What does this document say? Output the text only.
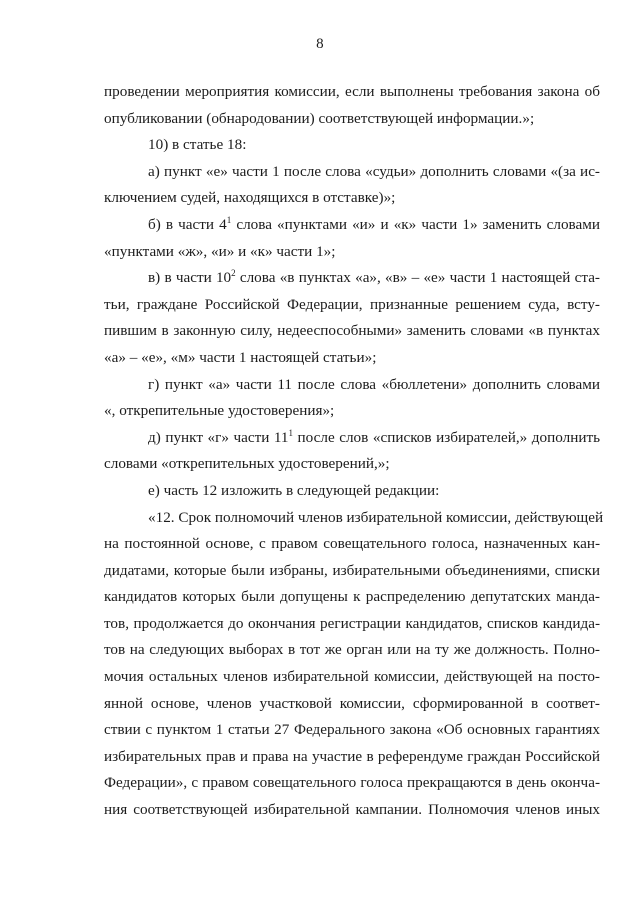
8
проведении мероприятия комиссии, если выполнены требования закона об
опубликовании (обнародовании) соответствующей информации.»;
10) в статье 18:
а) пункт «е» части 1 после слова «судьи» дополнить словами «(за ис-
ключением судей, находящихся в отставке)»;
б) в части $4^1$ слова «пунктами «и» и «к» части 1» заменить словами
«пунктами «ж», «и» и «к» части 1»;
в) в части $10^2$ слова «в пунктах «а», «в» – «е» части 1 настоящей ста-
тьи, граждане Российской Федерации, признанные решением суда, всту-
пившим в законную силу, недееспособными» заменить словами «в пунктах
«а» – «е», «м» части 1 настоящей статьи»;
г) пункт «а» части 11 после слова «бюллетени» дополнить словами
«, открепительные удостоверения»;
д) пункт «г» части $11^1$ после слов «списков избирателей,» дополнить
словами «открепительных удостоверений,»;
е) часть 12 изложить в следующей редакции:
«12. Срок полномочий членов избирательной комиссии, действующей
на постоянной основе, с правом совещательного голоса, назначенных кан-
дидатами, которые были избраны, избирательными объединениями, списки
кандидатов которых были допущены к распределению депутатских манда-
тов, продолжается до окончания регистрации кандидатов, списков кандида-
тов на следующих выборах в тот же орган или на ту же должность. Полно-
мочия остальных членов избирательной комиссии, действующей на посто-
янной основе, членов участковой комиссии, сформированной в соответ-
ствии с пунктом 1 статьи 27 Федерального закона «Об основных гарантиях
избирательных прав и права на участие в референдуме граждан Российской
Федерации», с правом совещательного голоса прекращаются в день оконча-
ния соответствующей избирательной кампании. Полномочия членов иных
